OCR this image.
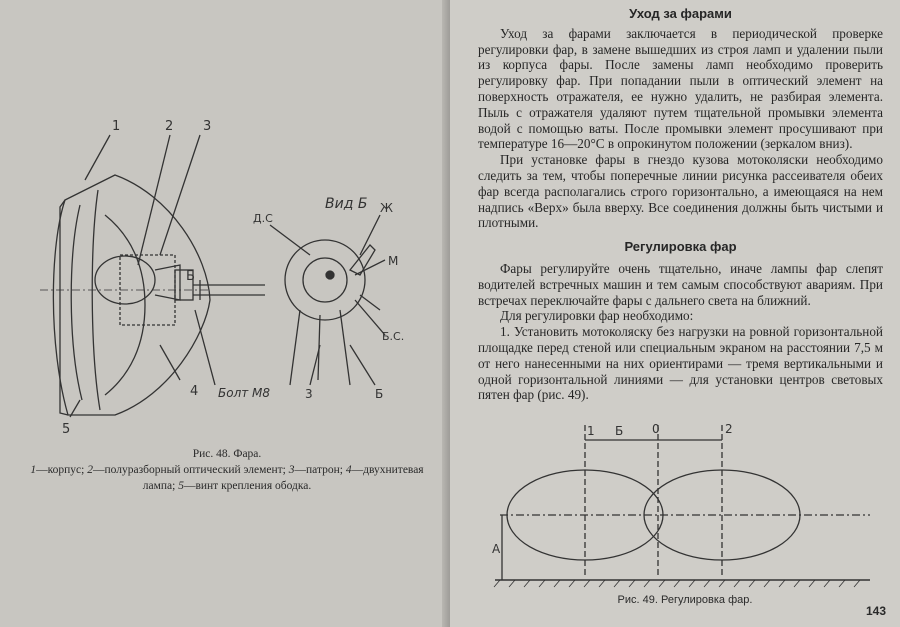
1	2 3
4
5
Б
Вид Б
Д.С
Ж
М
Б.С.
Болт М8	3	Б
Рис. 48. Фара.
1—корпус; 2—полуразборный оптический элемент; 3—патрон; 4—двухнитевая лампа; 5—винт крепления ободка.
Уход за фарами

Уход за фарами заключается в периодической проверке регулировки фар, в замене вышедших из строя ламп и удалении пыли из корпуса фары. После замены ламп необходимо проверить регулировку фар. При попадании пыли в оптический элемент на поверхность отражателя, ее нужно удалить, не разбирая элемента. Пыль с отражателя удаляют путем тщательной промывки элемента водой с помощью ваты. После промывки элемент просушивают при температуре 16—20°С в опрокинутом положении (зеркалом вниз).

При установке фары в гнездо кузова мотоколяски необходимо следить за тем, чтобы поперечные линии рисунка рассеивателя обеих фар всегда располагались строго горизонтально, а имеющаяся на нем надпись «Верх» была вверху. Все соединения должны быть чистыми и плотными.

Регулировка фар

Фары регулируйте очень тщательно, иначе лампы фар слепят водителей встречных машин и тем самым способствуют авариям. При встречах переключайте фары с дальнего света на ближний.

Для регулировки фар необходимо:

1. Установить мотоколяску без нагрузки на ровной горизонтальной площадке перед стеной или специальным экраном на расстоянии 7,5 м от него нанесенными на них ориентирами — тремя вертикальными и одной горизонтальной линиями — для установки центров световых пятен фар (рис. 49).

1 Б 0	2
А
Рис. 49. Регулировка фар.
143
